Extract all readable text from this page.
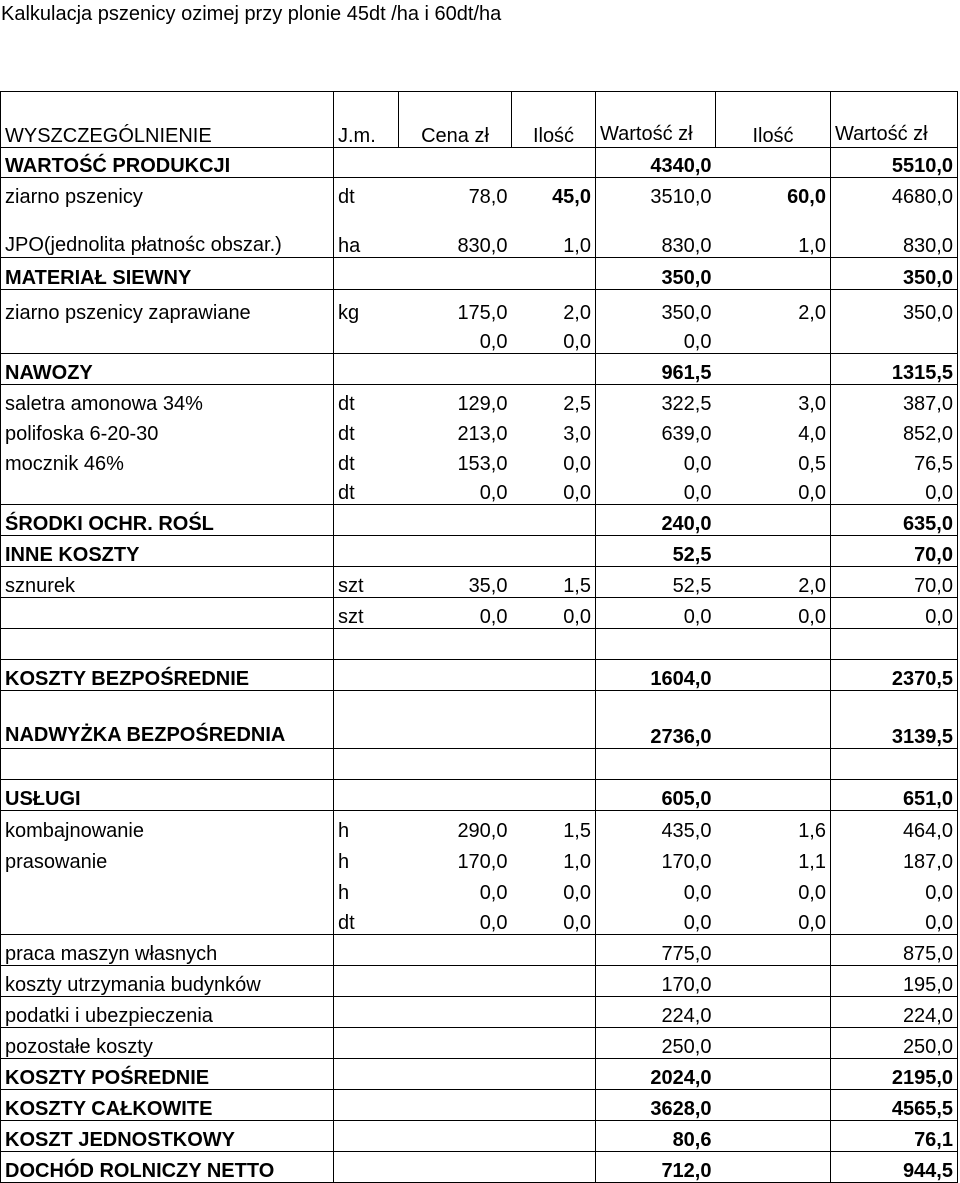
Kalkulacja pszenicy ozimej przy plonie 45dt /ha i 60dt/ha
WYSZCZEGÓLNIENIE	J.m.	Cena zł	Ilość	Wartość zł	Ilość	Wartość zł
WARTOŚĆ PRODUKCJI				4340,0		5510,0
ziarno pszenicy	dt	78,0	45,0	3510,0	60,0	4680,0
JPO(jednolita płatnośc obszar.)	ha	830,0	1,0	830,0	1,0	830,0
MATERIAŁ SIEWNY				350,0		350,0
ziarno pszenicy zaprawiane	kg	175,0	2,0	350,0	2,0	350,0
		0,0	0,0	0,0		
NAWOZY				961,5		1315,5
saletra amonowa 34%	dt	129,0	2,5	322,5	3,0	387,0
polifoska 6-20-30	dt	213,0	3,0	639,0	4,0	852,0
mocznik 46%	dt	153,0	0,0	0,0	0,5	76,5
	dt	0,0	0,0	0,0	0,0	0,0
ŚRODKI OCHR. ROŚL				240,0		635,0
INNE KOSZTY				52,5		70,0
sznurek	szt	35,0	1,5	52,5	2,0	70,0
	szt	0,0	0,0	0,0	0,0	0,0

KOSZTY BEZPOŚREDNIE				1604,0		2370,5
NADWYŻKA BEZPOŚREDNIA				2736,0		3139,5

USŁUGI				605,0		651,0
kombajnowanie	h	290,0	1,5	435,0	1,6	464,0
prasowanie	h	170,0	1,0	170,0	1,1	187,0
	h	0,0	0,0	0,0	0,0	0,0
	dt	0,0	0,0	0,0	0,0	0,0
praca maszyn własnych				775,0		875,0
koszty utrzymania budynków				170,0		195,0
podatki i ubezpieczenia				224,0		224,0
pozostałe koszty				250,0		250,0
KOSZTY POŚREDNIE				2024,0		2195,0
KOSZTY CAŁKOWITE				3628,0		4565,5
KOSZT JEDNOSTKOWY				80,6		76,1
DOCHÓD ROLNICZY NETTO				712,0		944,5
